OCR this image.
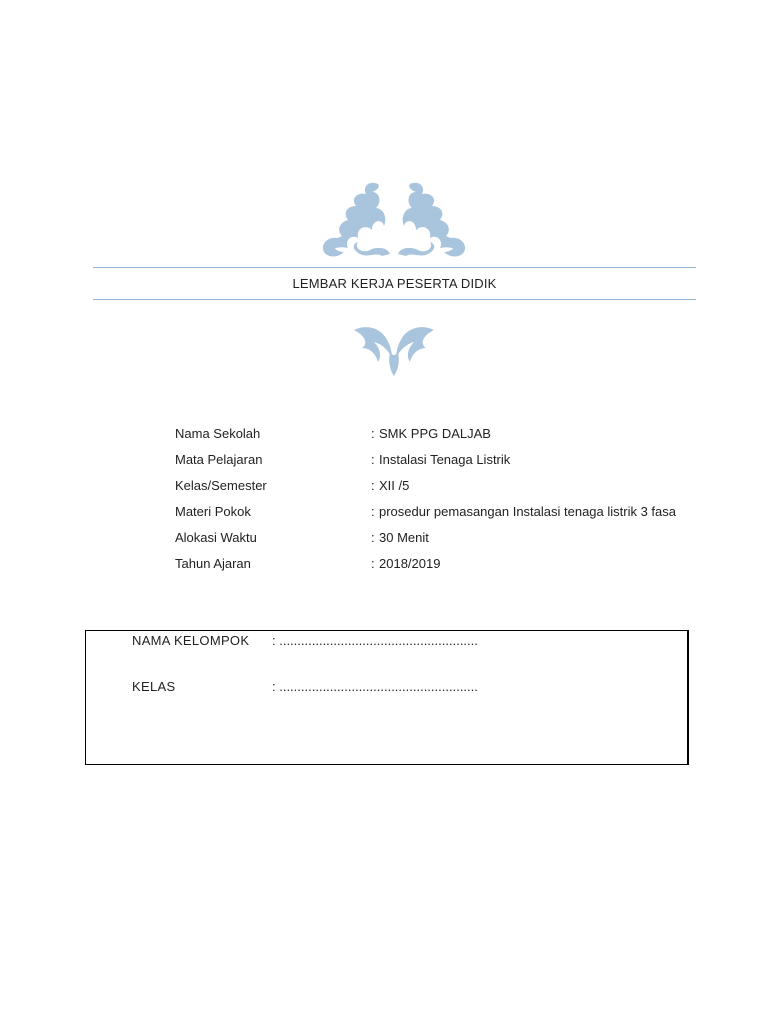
LEMBAR KERJA PESERTA DIDIK
Nama Sekolah	: SMK PPG DALJAB
Mata Pelajaran	: Instalasi Tenaga Listrik
Kelas/Semester	: XII /5
Materi Pokok	: prosedur pemasangan Instalasi tenaga listrik 3 fasa
Alokasi Waktu	: 30 Menit
Tahun Ajaran	: 2018/2019
NAMA KELOMPOK	: .......................................................
KELAS	: .......................................................
